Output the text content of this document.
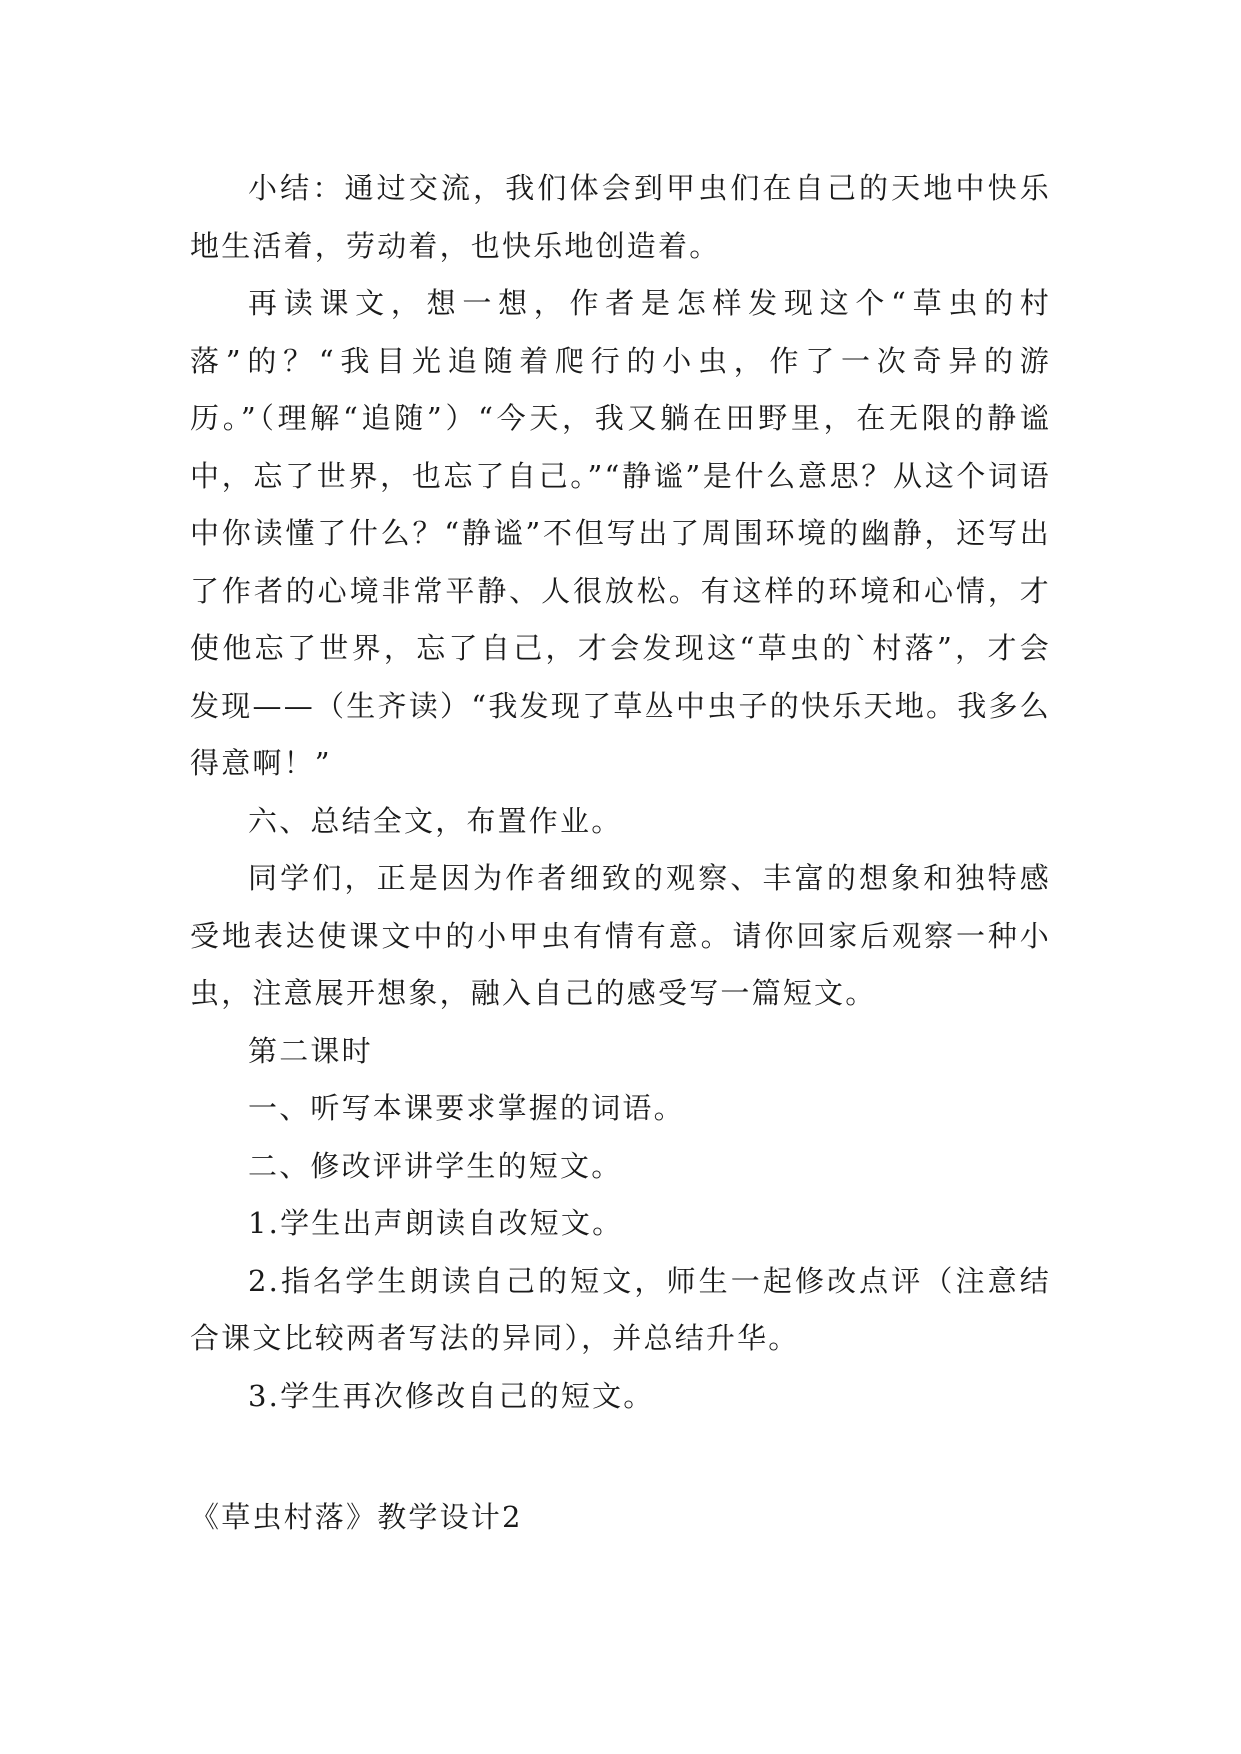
小结：通过交流，我们体会到甲虫们在自己的天地中快乐地生活着，劳动着，也快乐地创造着。

再读课文，想一想，作者是怎样发现这个“草虫的村落”的？“我目光追随着爬行的小虫，作了一次奇异的游历。”（理解“追随”）“今天，我又躺在田野里，在无限的静谧中，忘了世界，也忘了自己。”“静谧”是什么意思？从这个词语中你读懂了什么？“静谧”不但写出了周围环境的幽静，还写出了作者的心境非常平静、人很放松。有这样的环境和心情，才使他忘了世界，忘了自己，才会发现这“草虫的`村落”，才会发现——（生齐读）“我发现了草丛中虫子的快乐天地。我多么得意啊！”

六、总结全文，布置作业。

同学们，正是因为作者细致的观察、丰富的想象和独特感受地表达使课文中的小甲虫有情有意。请你回家后观察一种小虫，注意展开想象，融入自己的感受写一篇短文。

第二课时

一、听写本课要求掌握的词语。

二、修改评讲学生的短文。

1.学生出声朗读自改短文。

2.指名学生朗读自己的短文，师生一起修改点评（注意结合课文比较两者写法的异同），并总结升华。

3.学生再次修改自己的短文。

《草虫村落》教学设计2
